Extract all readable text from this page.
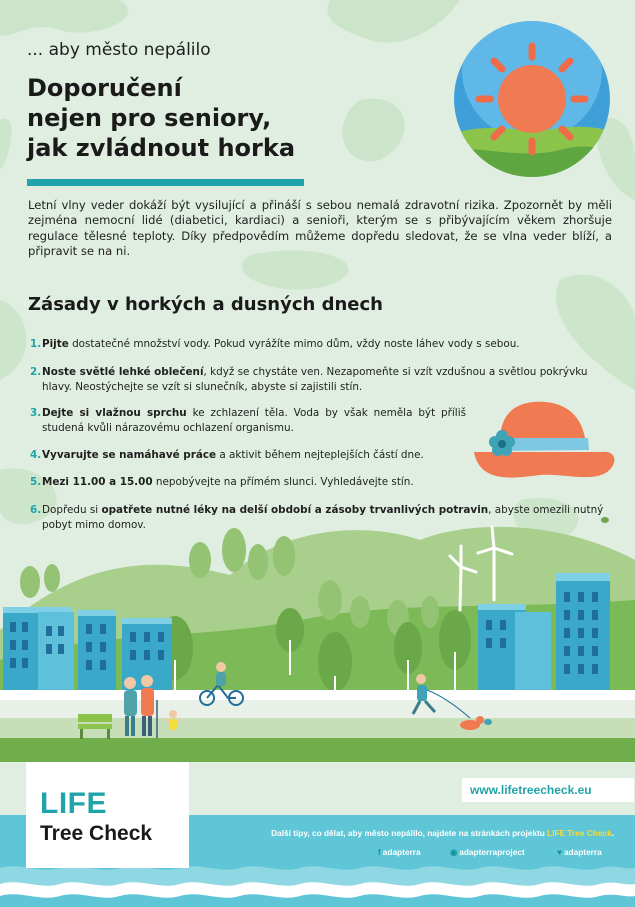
... aby město nepálilo
Doporučení
nejen pro seniory,
jak zvládnout horka
Letní vlny veder dokáží být vysilující a přináší s sebou nemalá zdravotní rizika. Zpozornět by měli zejména nemocní lidé (diabetici, kardiaci) a senioři, kterým se s přibývajícím věkem zhoršuje regulace tělesné teploty. Díky předpovědím můžeme dopředu sledovat, že se vlna veder blíží, a připravit se na ni.
Zásady v horkých a dusných dnech
1. Pijte dostatečné množství vody. Pokud vyrážíte mimo dům, vždy noste láhev vody s sebou.
2. Noste světlé lehké oblečení, když se chystáte ven. Nezapomeňte si vzít vzdušnou a světlou pokrývku hlavy. Neostýchejte se vzít si slunečník, abyste si zajistili stín.
3. Dejte si vlažnou sprchu ke zchlazení těla. Voda by však neměla být příliš studená kvůli nárazovému ochlazení organismu.
4. Vyvarujte se namáhavé práce a aktivit během nejteplejších částí dne.
5. Mezi 11.00 a 15.00 nepobývejte na přímém slunci. Vyhledávejte stín.
6. Dopředu si opatřete nutné léky na delší období a zásoby trvanlivých potravin, abyste omezili nutný pobyt mimo domov.
LIFE
Tree Check
www.lifetreecheck.eu
Další tipy, co dělat, aby město nepálilo, najdete na stránkách projektu LIFE Tree Check.
f adapterra	◉ adapterraproject	♥ adapterra
